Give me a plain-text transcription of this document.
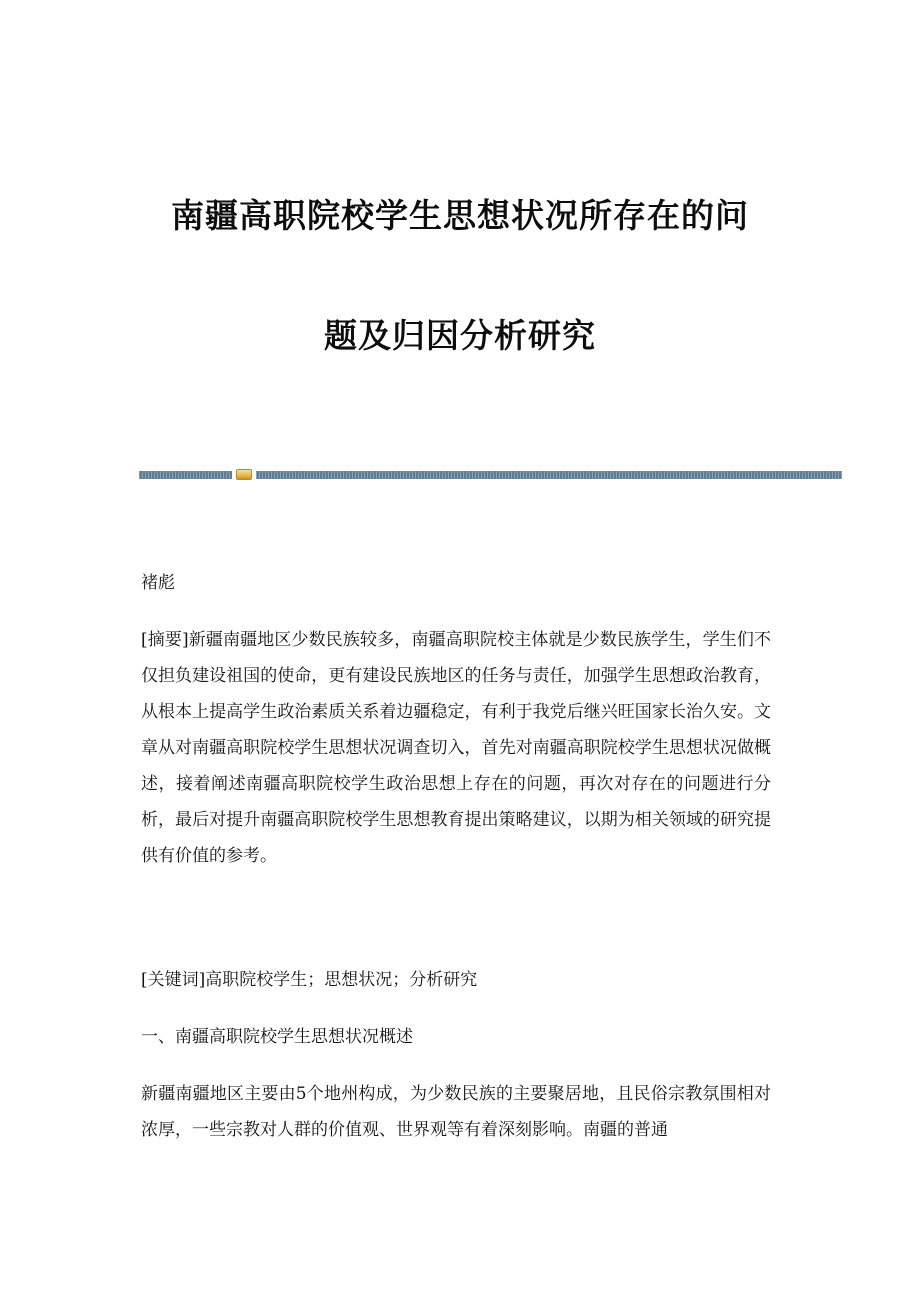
南疆高职院校学生思想状况所存在的问
题及归因分析研究
褚彪
[摘要]新疆南疆地区少数民族较多，南疆高职院校主体就是少数民族学生，学生们不仅担负建设祖国的使命，更有建设民族地区的任务与责任，加强学生思想政治教育，从根本上提高学生政治素质关系着边疆稳定，有利于我党后继兴旺国家长治久安。文章从对南疆高职院校学生思想状况调查切入，首先对南疆高职院校学生思想状况做概述，接着阐述南疆高职院校学生政治思想上存在的问题，再次对存在的问题进行分析，最后对提升南疆高职院校学生思想教育提出策略建议，以期为相关领域的研究提供有价值的参考。
[关键词]高职院校学生；思想状况；分析研究
一、南疆高职院校学生思想状况概述
新疆南疆地区主要由5个地州构成，为少数民族的主要聚居地，且民俗宗教氛围相对浓厚，一些宗教对人群的价值观、世界观等有着深刻影响。南疆的普通
